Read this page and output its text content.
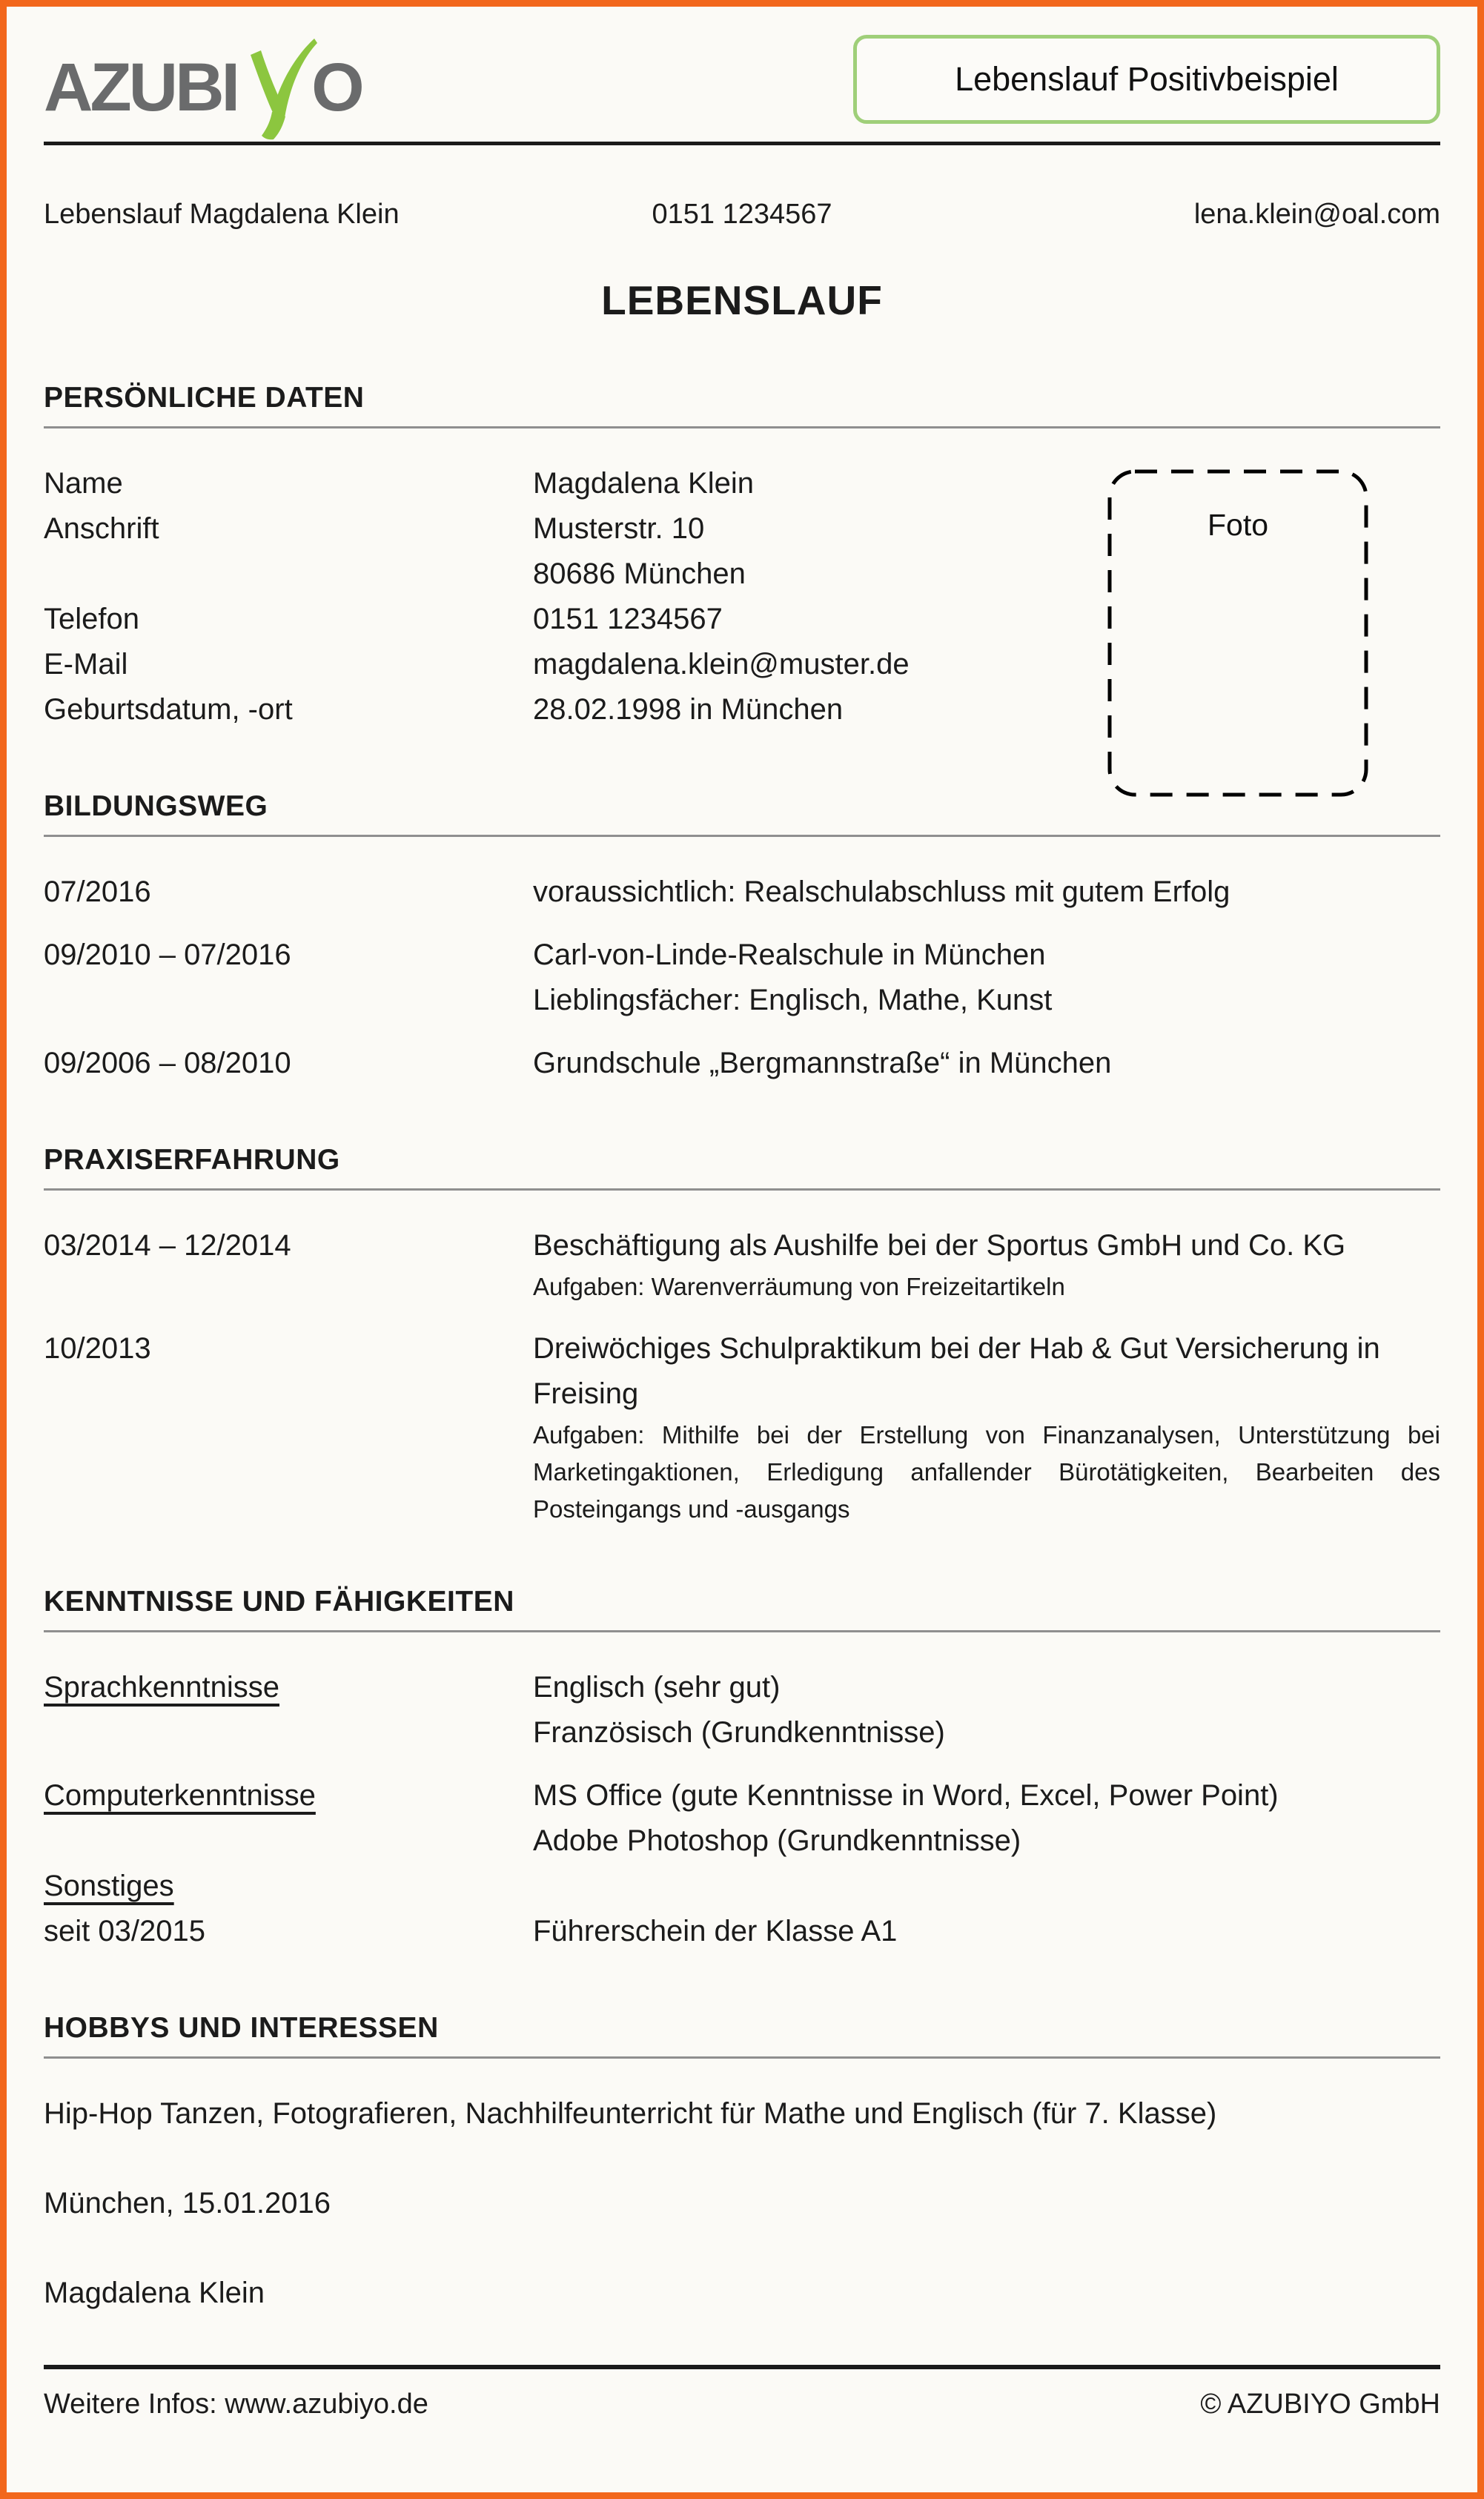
AZUBI O	Lebenslauf Positivbeispiel
Lebenslauf Magdalena Klein	0151 1234567	lena.klein@oal.com
LEBENSLAUF
PERSÖNLICHE DATEN
Name	Magdalena Klein
Anschrift	Musterstr. 10
80686 München
Telefon	0151 1234567
E-Mail	magdalena.klein@muster.de
Geburtsdatum, -ort	28.02.1998 in München
Foto
BILDUNGSWEG
07/2016	voraussichtlich: Realschulabschluss mit gutem Erfolg
09/2010 – 07/2016	Carl-von-Linde-Realschule in München
Lieblingsfächer: Englisch, Mathe, Kunst
09/2006 – 08/2010	Grundschule „Bergmannstraße“ in München
PRAXISERFAHRUNG
03/2014 – 12/2014	Beschäftigung als Aushilfe bei der Sportus GmbH und Co. KG
Aufgaben: Warenverräumung von Freizeitartikeln
10/2013	Dreiwöchiges Schulpraktikum bei der Hab & Gut Versicherung in Freising
Aufgaben: Mithilfe bei der Erstellung von Finanzanalysen, Unterstützung bei Marketingaktionen, Erledigung anfallender Bürotätigkeiten, Bearbeiten des Posteingangs und -ausgangs
KENNTNISSE UND FÄHIGKEITEN
Sprachkenntnisse	Englisch (sehr gut)
Französisch (Grundkenntnisse)
Computerkenntnisse	MS Office (gute Kenntnisse in Word, Excel, Power Point)
Adobe Photoshop (Grundkenntnisse)
Sonstiges
seit 03/2015	Führerschein der Klasse A1
HOBBYS UND INTERESSEN
Hip-Hop Tanzen, Fotografieren, Nachhilfeunterricht für Mathe und Englisch (für 7. Klasse)
München, 15.01.2016
Magdalena Klein
Weitere Infos: www.azubiyo.de	© AZUBIYO GmbH
